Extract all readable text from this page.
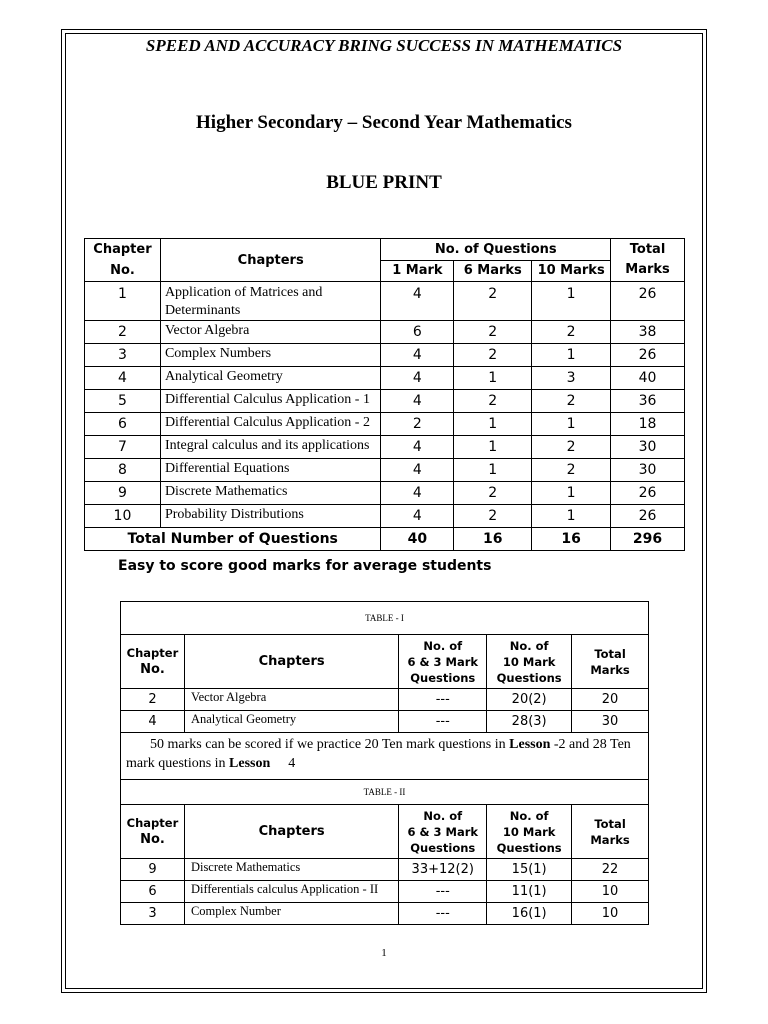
SPEED AND ACCURACY BRING SUCCESS IN MATHEMATICS
Higher Secondary – Second Year Mathematics
BLUE PRINT
Chapter
No.	Chapters	No. of Questions			Total
Marks
		1 Mark	6 Marks	10 Marks	
1	Application of Matrices and
Determinants	4	2	1	26
2	Vector Algebra	6	2	2	38
3	Complex Numbers	4	2	1	26
4	Analytical Geometry	4	1	3	40
5	Differential Calculus Application - 1	4	2	2	36
6	Differential Calculus Application - 2	2	1	1	18
7	Integral calculus and its applications	4	1	2	30
8	Differential Equations	4	1	2	30
9	Discrete Mathematics	4	2	1	26
10	Probability Distributions	4	2	1	26
Total Number of Questions		40	16	16	296
Easy to score good marks for average students
TABLE - I				
Chapter
No.	Chapters	No. of
6 & 3 Mark
Questions	No. of
10 Mark
Questions	Total
Marks
2	Vector Algebra	---	20(2)	20
4	Analytical Geometry	---	28(3)	30
50 marks can be scored if we practice 20 Ten mark questions in Lesson -2 and 28 Ten mark questions in Lesson 4				
TABLE - II				
Chapter
No.	Chapters	No. of
6 & 3 Mark
Questions	No. of
10 Mark
Questions	Total
Marks
9	Discrete Mathematics	33+12(2)	15(1)	22
6	Differentials calculus Application - II	---	11(1)	10
3	Complex Number	---	16(1)	10
1
